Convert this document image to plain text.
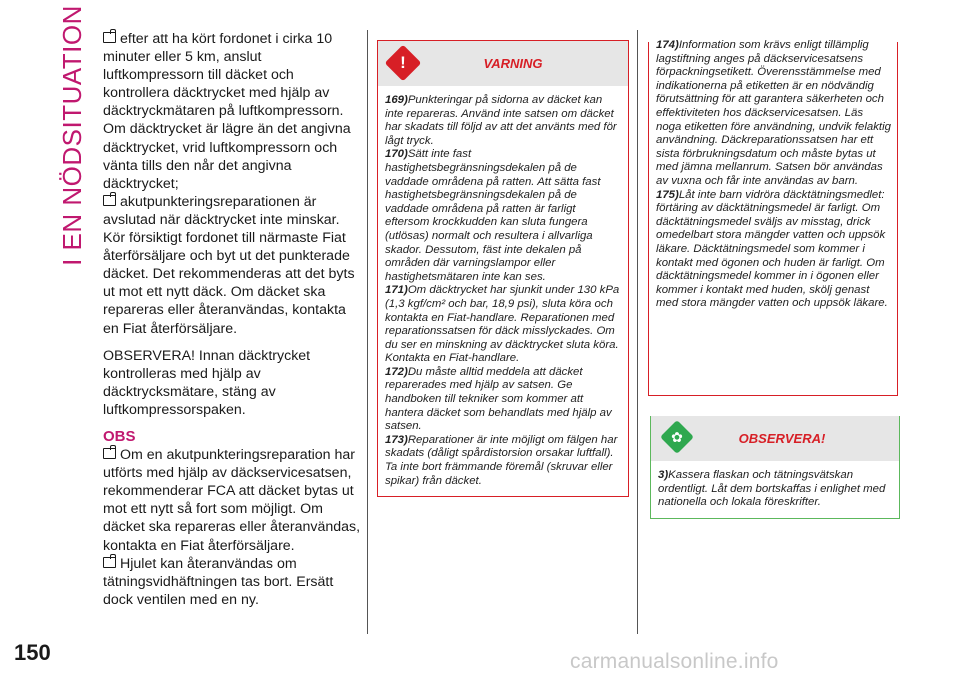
I EN NÖDSITUATION	efter att ha kört fordonet i cirka 10 minuter eller 5 km, anslut luftkompressorn till däcket och kontrollera däcktrycket med hjälp av däcktryckmätaren på luftkompressorn. Om däcktrycket är lägre än det angivna däcktrycket, vrid luftkompressorn och vänta tills den når det angivna däcktrycket;

akutpunkteringsreparationen är avslutad när däcktrycket inte minskar. Kör försiktigt fordonet till närmaste Fiat återförsäljare och byt ut det punkterade däcket. Det rekommenderas att det byts ut mot ett nytt däck. Om däcket ska repareras eller återanvändas, kontakta en Fiat återförsäljare.

OBSERVERA! Innan däcktrycket kontrolleras med hjälp av däcktrycksmätare, stäng av luftkompressorspaken.

OBS

Om en akutpunkteringsreparation har utförts med hjälp av däckservicesatsen, rekommenderar FCA att däcket bytas ut mot ett nytt så fort som möjligt. Om däcket ska repareras eller återanvändas, kontakta en Fiat återförsäljare.

Hjulet kan återanvändas om tätningsvidhäftningen tas bort. Ersätt dock ventilen med en ny.

!	VARNING

169)Punkteringar på sidorna av däcket kan inte repareras. Använd inte satsen om däcket har skadats till följd av att det använts med för lågt tryck.

170)Sätt inte fast hastighetsbegränsningsdekalen på de vaddade områdena på ratten. Att sätta fast hastighetsbegränsningsdekalen på de vaddade områdena på ratten är farligt eftersom krockkudden kan sluta fungera (utlösas) normalt och resultera i allvarliga skador. Dessutom, fäst inte dekalen på områden där varningslampor eller hastighetsmätaren inte kan ses.

171)Om däcktrycket har sjunkit under 130 kPa (1,3 kgf/cm² och bar, 18,9 psi), sluta köra och kontakta en Fiat-handlare. Reparationen med reparationssatsen för däck misslyckades. Om du ser en minskning av däcktrycket sluta köra. Kontakta en Fiat-handlare.

172)Du måste alltid meddela att däcket reparerades med hjälp av satsen. Ge handboken till tekniker som kommer att hantera däcket som behandlats med hjälp av satsen.

173)Reparationer är inte möjligt om fälgen har skadats (dåligt spårdistorsion orsakar luftfall). Ta inte bort främmande föremål (skruvar eller spikar) från däcket.

174)Information som krävs enligt tillämplig lagstiftning anges på däckservicesatsens förpackningsetikett. Överensstämmelse med indikationerna på etiketten är en nödvändig förutsättning för att garantera säkerheten och effektiviteten hos däckservicesatsen. Läs noga etiketten före användning, undvik felaktig användning. Däckreparationssatsen har ett sista förbrukningsdatum och måste bytas ut med jämna mellanrum. Satsen bör användas av vuxna och får inte användas av barn.

175)Låt inte barn vidröra däcktätningsmedlet: förtäring av däcktätningsmedel är farligt. Om däcktätningsmedel sväljs av misstag, drick omedelbart stora mängder vatten och uppsök läkare. Däcktätningsmedel som kommer i kontakt med ögonen och huden är farligt. Om däcktätningsmedel kommer in i ögonen eller kommer i kontakt med huden, skölj genast med stora mängder vatten och uppsök läkare.

✿	OBSERVERA!

3)Kassera flaskan och tätningsvätskan ordentligt. Låt dem bortskaffas i enlighet med nationella och lokala föreskrifter.

150	carmanualsonline.info
